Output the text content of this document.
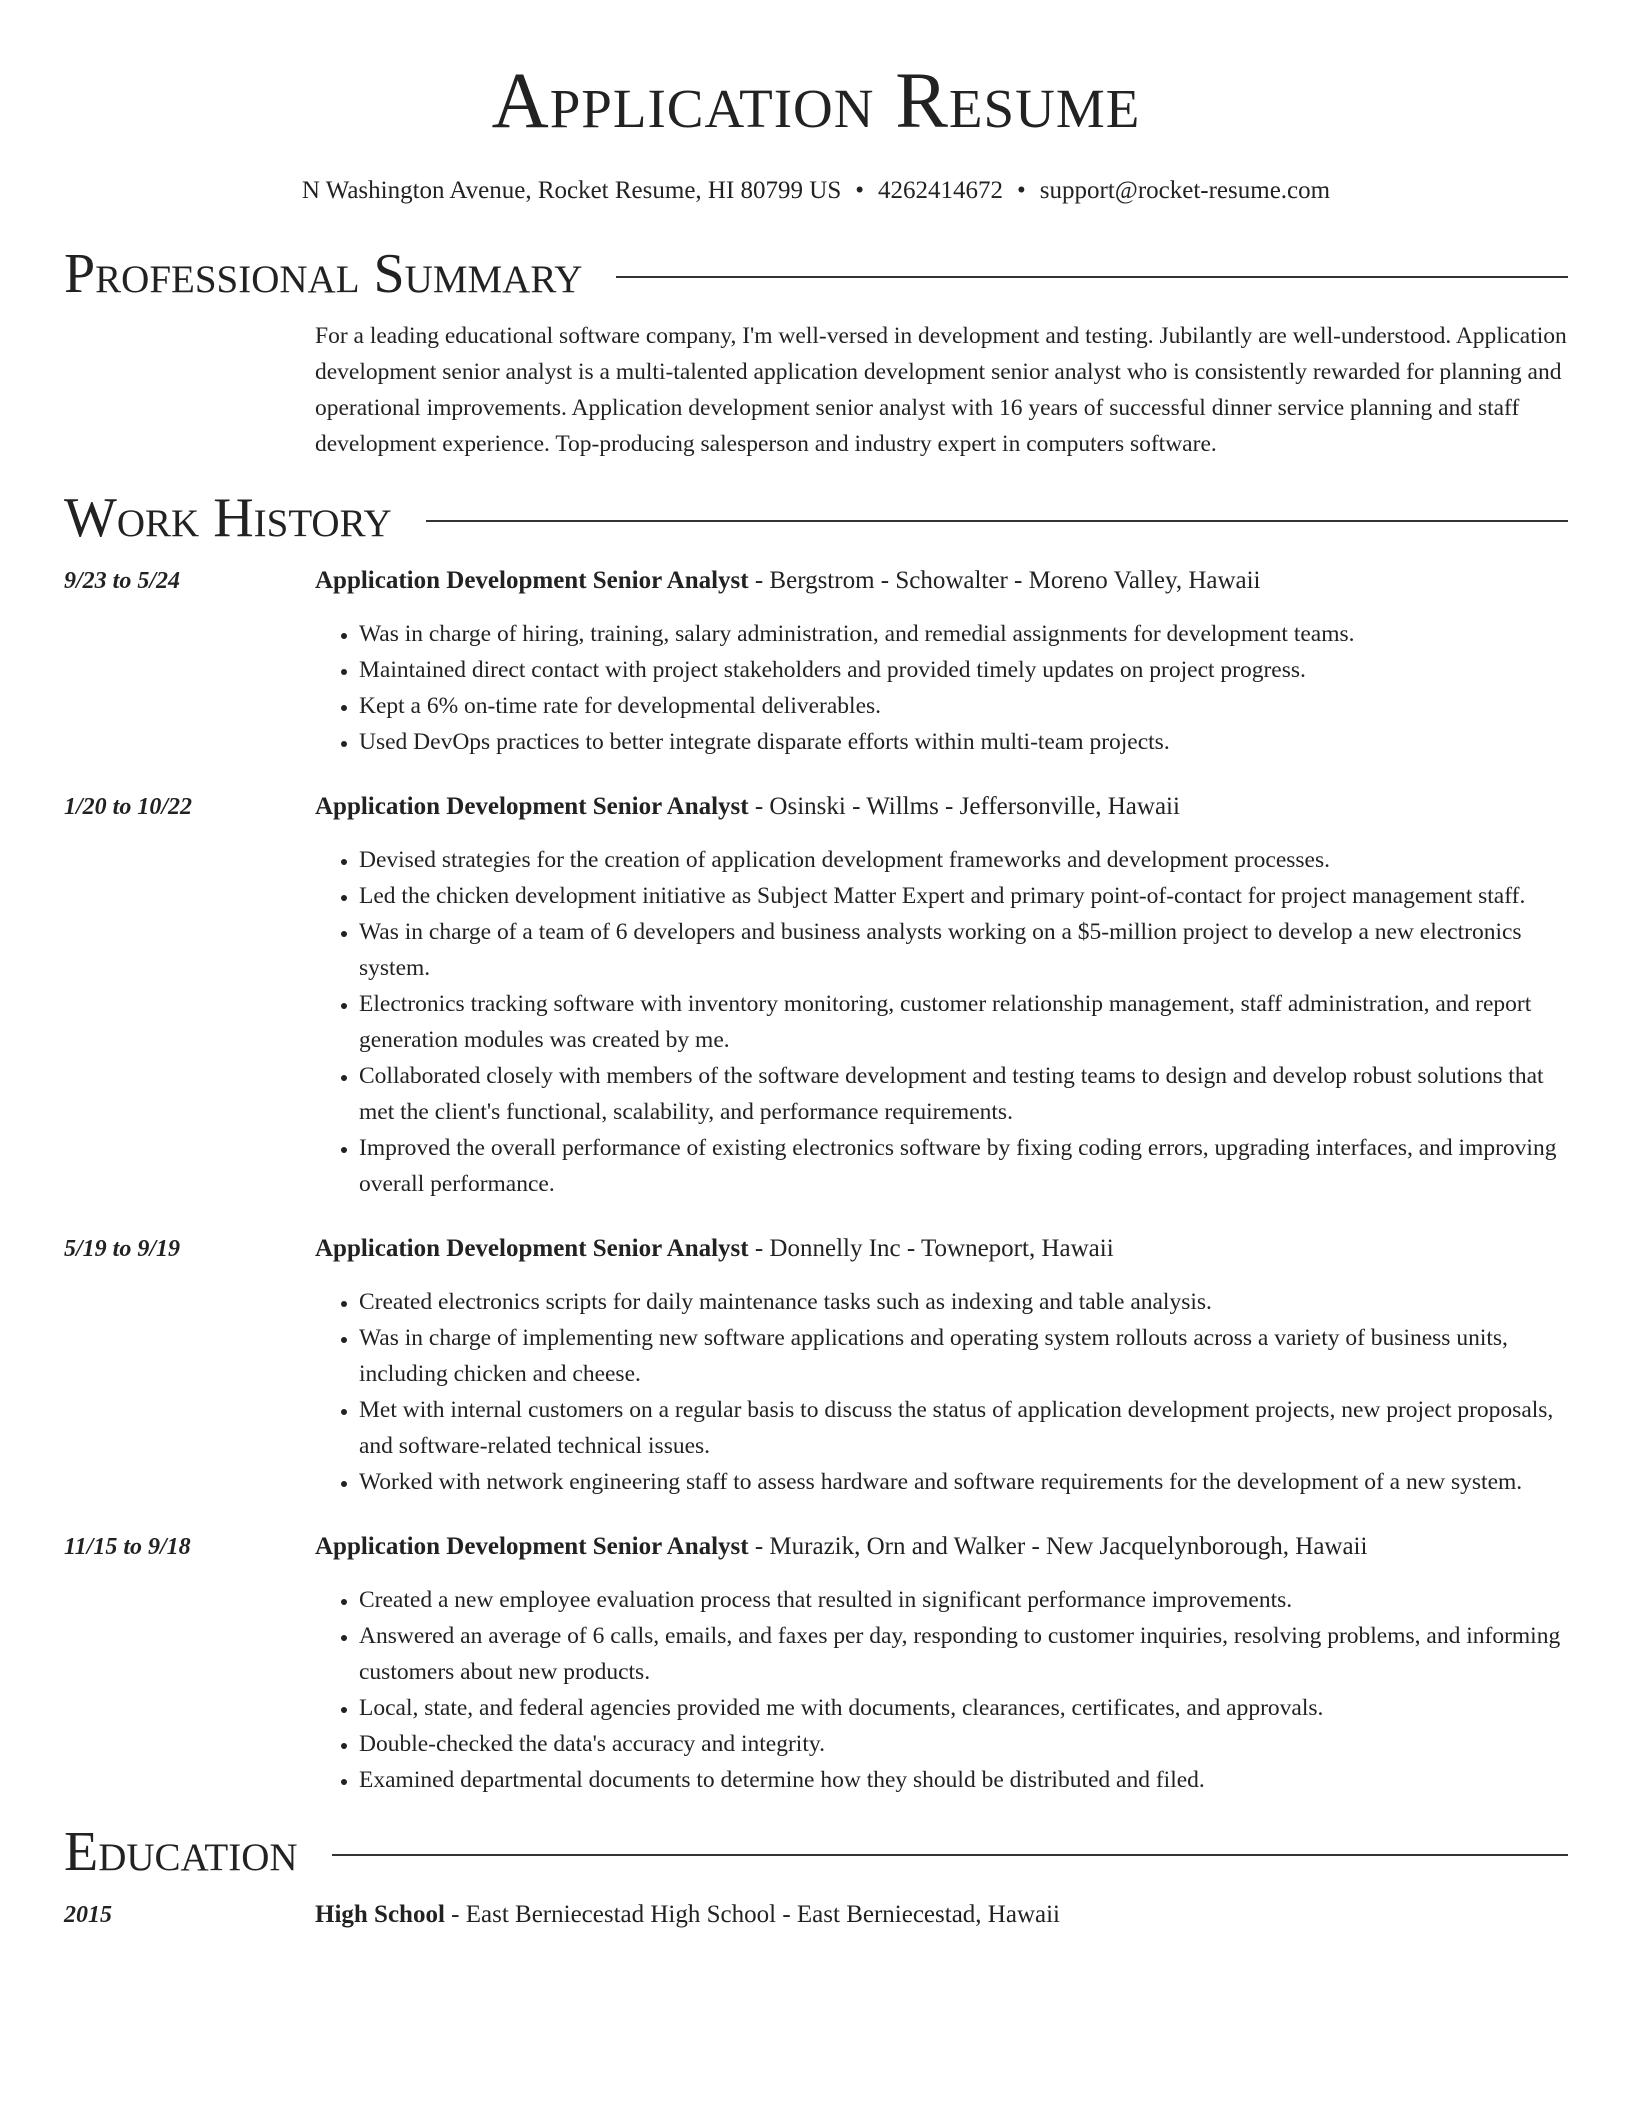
Application Resume
N Washington Avenue, Rocket Resume, HI 80799 US • 4262414672 • support@rocket-resume.com
Professional Summary
For a leading educational software company, I'm well-versed in development and testing. Jubilantly are well-understood. Application development senior analyst is a multi-talented application development senior analyst who is consistently rewarded for planning and operational improvements. Application development senior analyst with 16 years of successful dinner service planning and staff development experience. Top-producing salesperson and industry expert in computers software.
Work History
9/23 to 5/24	Application Development Senior Analyst - Bergstrom - Schowalter - Moreno Valley, Hawaii
• Was in charge of hiring, training, salary administration, and remedial assignments for development teams.
• Maintained direct contact with project stakeholders and provided timely updates on project progress.
• Kept a 6% on-time rate for developmental deliverables.
• Used DevOps practices to better integrate disparate efforts within multi-team projects.
1/20 to 10/22	Application Development Senior Analyst - Osinski - Willms - Jeffersonville, Hawaii
• Devised strategies for the creation of application development frameworks and development processes.
• Led the chicken development initiative as Subject Matter Expert and primary point-of-contact for project management staff.
• Was in charge of a team of 6 developers and business analysts working on a $5-million project to develop a new electronics system.
• Electronics tracking software with inventory monitoring, customer relationship management, staff administration, and report generation modules was created by me.
• Collaborated closely with members of the software development and testing teams to design and develop robust solutions that met the client's functional, scalability, and performance requirements.
• Improved the overall performance of existing electronics software by fixing coding errors, upgrading interfaces, and improving overall performance.
5/19 to 9/19	Application Development Senior Analyst - Donnelly Inc - Towneport, Hawaii
• Created electronics scripts for daily maintenance tasks such as indexing and table analysis.
• Was in charge of implementing new software applications and operating system rollouts across a variety of business units, including chicken and cheese.
• Met with internal customers on a regular basis to discuss the status of application development projects, new project proposals, and software-related technical issues.
• Worked with network engineering staff to assess hardware and software requirements for the development of a new system.
11/15 to 9/18	Application Development Senior Analyst - Murazik, Orn and Walker - New Jacquelynborough, Hawaii
• Created a new employee evaluation process that resulted in significant performance improvements.
• Answered an average of 6 calls, emails, and faxes per day, responding to customer inquiries, resolving problems, and informing customers about new products.
• Local, state, and federal agencies provided me with documents, clearances, certificates, and approvals.
• Double-checked the data's accuracy and integrity.
• Examined departmental documents to determine how they should be distributed and filed.
Education
2015	High School - East Berniecestad High School - East Berniecestad, Hawaii
